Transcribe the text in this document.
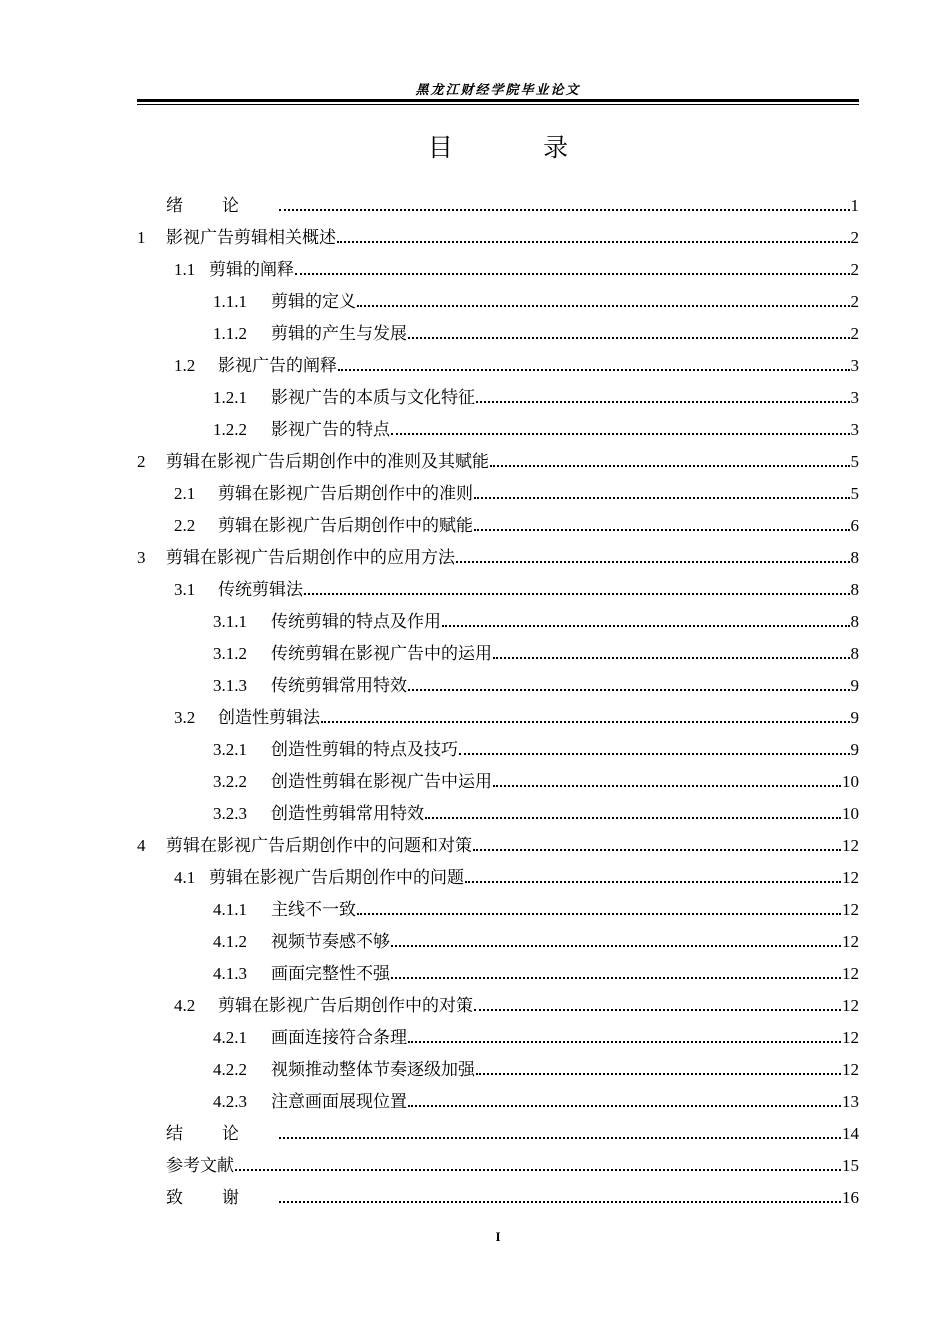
黑龙江财经学院毕业论文
目 录
绪论	1
1	影视广告剪辑相关概述	2
1.1 剪辑的阐释	2
1.1.1	剪辑的定义	2
1.1.2	剪辑的产生与发展	2
1.2	影视广告的阐释	3
1.2.1	影视广告的本质与文化特征	3
1.2.2	影视广告的特点	3
2	剪辑在影视广告后期创作中的准则及其赋能	5
2.1	剪辑在影视广告后期创作中的准则	5
2.2	剪辑在影视广告后期创作中的赋能	6
3	剪辑在影视广告后期创作中的应用方法	8
3.1	传统剪辑法	8
3.1.1	传统剪辑的特点及作用	8
3.1.2	传统剪辑在影视广告中的运用	8
3.1.3	传统剪辑常用特效	9
3.2	创造性剪辑法	9
3.2.1	创造性剪辑的特点及技巧	9
3.2.2	创造性剪辑在影视广告中运用	10
3.2.3	创造性剪辑常用特效	10
4	剪辑在影视广告后期创作中的问题和对策	12
4.1 剪辑在影视广告后期创作中的问题	12
4.1.1	主线不一致	12
4.1.2	视频节奏感不够	12
4.1.3	画面完整性不强	12
4.2	剪辑在影视广告后期创作中的对策	12
4.2.1	画面连接符合条理	12
4.2.2	视频推动整体节奏逐级加强	12
4.2.3	注意画面展现位置	13
结论	14
参考文献	15
致谢	16
I
